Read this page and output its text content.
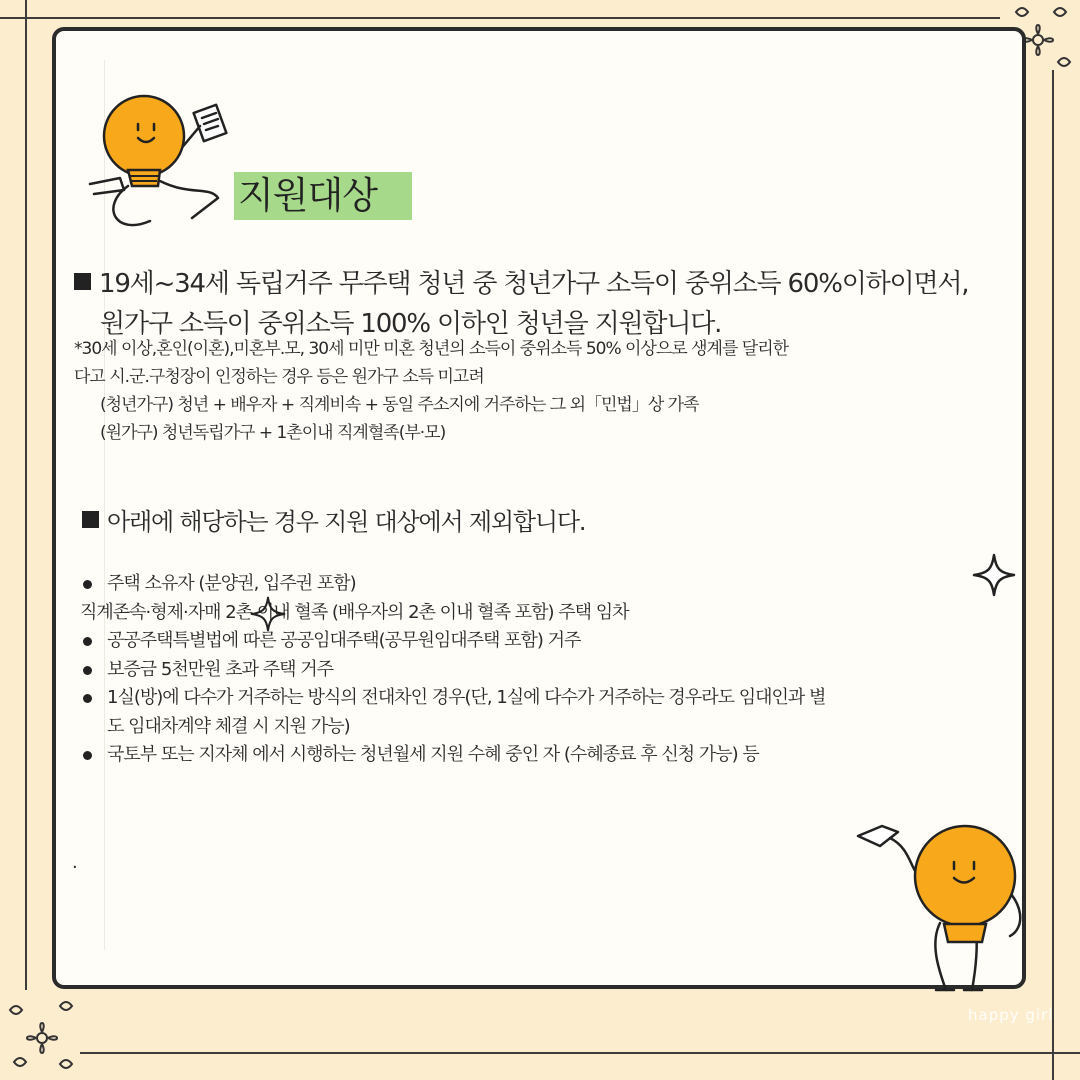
지원대상
19세~34세 독립거주 무주택 청년 중 청년가구 소득이 중위소득 60%이하이면서,
원가구 소득이 중위소득 100% 이하인 청년을 지원합니다.
*30세 이상,혼인(이혼),미혼부.모, 30세 미만 미혼 청년의 소득이 중위소득 50% 이상으로 생계를 달리한
다고 시.군.구청장이 인정하는 경우 등은 원가구 소득 미고려
(청년가구) 청년 + 배우자 + 직계비속 + 동일 주소지에 거주하는 그 외「민법」상 가족
(원가구) 청년독립가구 + 1촌이내 직계혈족(부·모)
아래에 해당하는 경우 지원 대상에서 제외합니다.
주택 소유자 (분양권, 입주권 포함)
직계존속·형제·자매 2촌 이내 혈족 (배우자의 2촌 이내 혈족 포함) 주택 임차
공공주택특별법에 따른 공공임대주택(공무원임대주택 포함) 거주
보증금 5천만원 초과 주택 거주
1실(방)에 다수가 거주하는 방식의 전대차인 경우(단, 1실에 다수가 거주하는 경우라도 임대인과 별
도 임대차계약 체결 시 지원 가능)
국토부 또는 지자체 에서 시행하는 청년월세 지원 수혜 중인 자 (수혜종료 후 신청 가능) 등
.
happy girl
